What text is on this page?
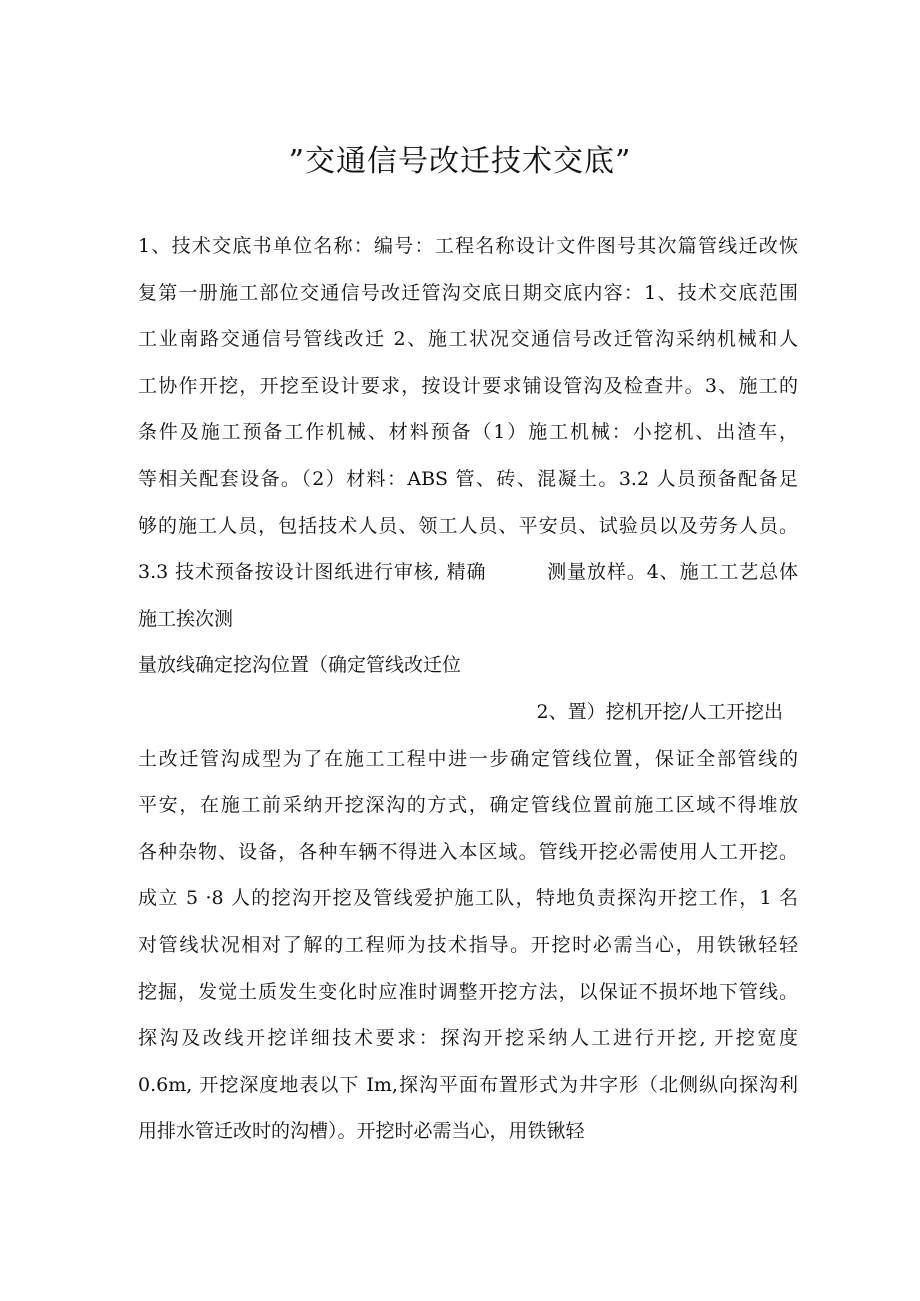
”交通信号改迁技术交底”
1、技术交底书单位名称：编号：工程名称设计文件图号其次篇管线迁改恢
复第一册施工部位交通信号改迁管沟交底日期交底内容：1、技术交底范围
工业南路交通信号管线改迁 2、施工状况交通信号改迁管沟采纳机械和人
工协作开挖，开挖至设计要求，按设计要求铺设管沟及检查井。3、施工的
条件及施工预备工作机械、材料预备（1）施工机械：小挖机、出渣车，
等相关配套设备。（2）材料：ABS 管、砖、混凝土。3.2 人员预备配备足
够的施工人员，包括技术人员、领工人员、平安员、试验员以及劳务人员。
3.3 技术预备按设计图纸进行审核, 精确	测量放样。4、施工工艺总体
施工挨次测
量放线确定挖沟位置（确定管线改迁位
2、置）挖机开挖/人工开挖出
土改迁管沟成型为了在施工工程中进一步确定管线位置，保证全部管线的
平安，在施工前采纳开挖深沟的方式，确定管线位置前施工区域不得堆放
各种杂物、设备，各种车辆不得进入本区域。管线开挖必需使用人工开挖。
成立 5 ·8 人的挖沟开挖及管线爱护施工队，特地负责探沟开挖工作，1 名
对管线状况相对了解的工程师为技术指导。开挖时必需当心，用铁锹轻轻
挖掘，发觉土质发生变化时应准时调整开挖方法，以保证不损坏地下管线。
探沟及改线开挖详细技术要求：探沟开挖采纳人工进行开挖, 开挖宽度
0.6m, 开挖深度地表以下 Im,探沟平面布置形式为井字形（北侧纵向探沟利
用排水管迁改时的沟槽）。开挖时必需当心，用铁锹轻
